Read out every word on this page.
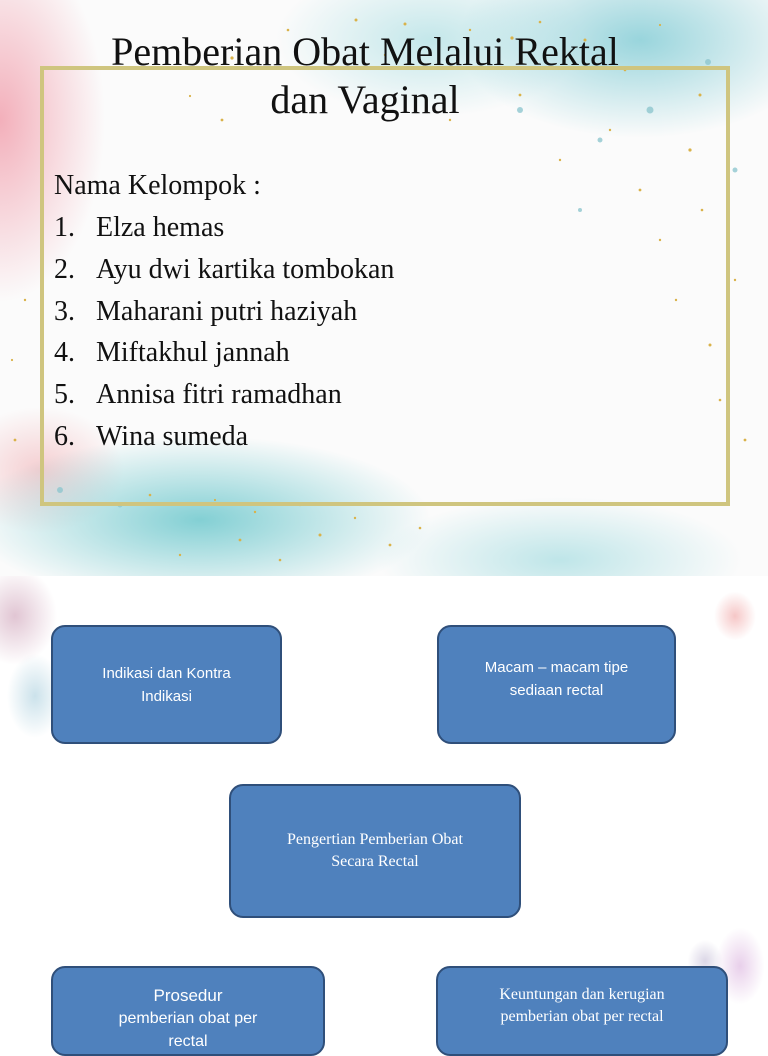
Pemberian Obat Melalui Rektal
dan Vaginal
Nama Kelompok :
1. Elza hemas
2. Ayu dwi kartika tombokan
3. Maharani putri haziyah
4. Miftakhul jannah
5. Annisa fitri ramadhan
6. Wina sumeda
Indikasi dan Kontra
Indikasi
Macam – macam tipe
sediaan rectal
Pengertian Pemberian Obat
Secara Rectal
Prosedur
pemberian obat per
rectal
Keuntungan dan kerugian
pemberian obat per rectal
